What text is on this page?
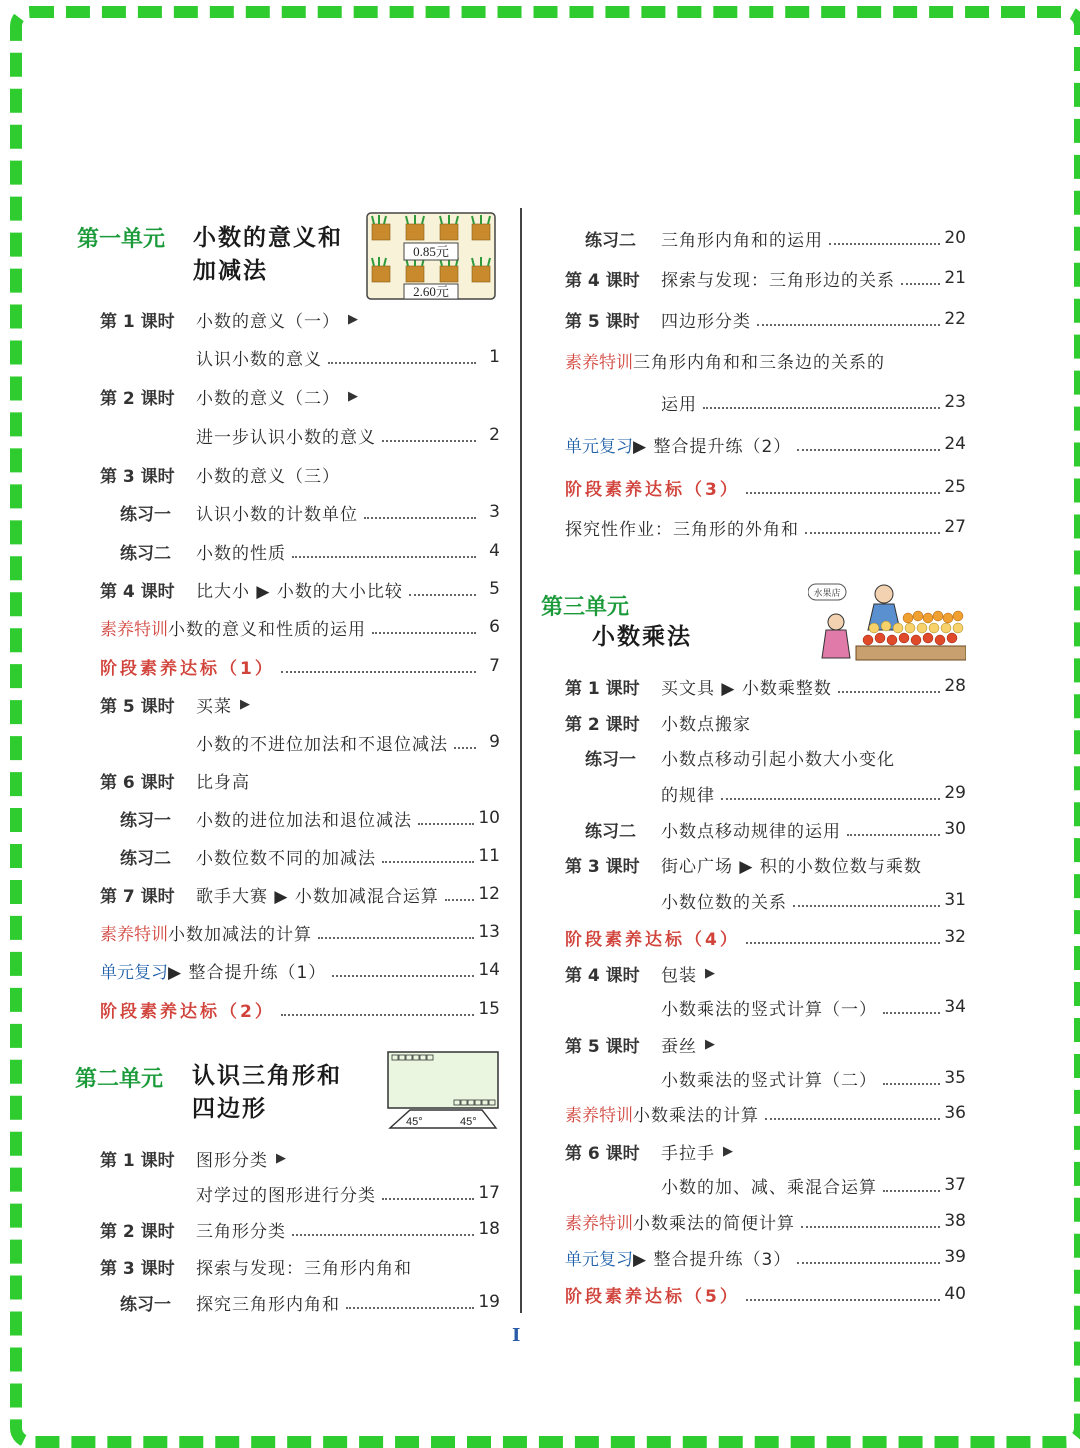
第一单元 小数的意义和
加减法
0.85元
2.60元
第二单元 认识三角形和
四边形	45°	45°
第三单元
小数乘法
水果店
第 1 课时	小数的意义（一） ▶
认识小数的意义	1
第 2 课时	小数的意义（二） ▶
进一步认识小数的意义	2
第 3 课时	小数的意义（三）
练习一	认识小数的计数单位	3
练习二	小数的性质	4
第 4 课时	比大小 ▶ 小数的大小比较	5
素养特训 小数的意义和性质的运用	6
阶段素养达标（1）	7
第 5 课时	买菜 ▶
小数的不进位加法和不退位减法	9
第 6 课时	比身高
练习一	小数的进位加法和退位减法	10
练习二	小数位数不同的加减法	11
第 7 课时	歌手大赛 ▶ 小数加减混合运算 12
素养特训 小数加减法的计算	13
单元复习 ▶ 整合提升练（1）	14
阶段素养达标（2）	15
第 1 课时	图形分类 ▶
对学过的图形进行分类	17
第 2 课时	三角形分类	18
第 3 课时	探索与发现：三角形内角和
练习一	探究三角形内角和	19
练习二	三角形内角和的运用	20
第 4 课时	探索与发现：三角形边的关系	21
第 5 课时	四边形分类	22
素养特训 三角形内角和和三条边的关系的
运用	23
单元复习 ▶ 整合提升练（2）	24
阶段素养达标（3）	25
探究性作业：三角形的外角和	27
第 1 课时	买文具 ▶ 小数乘整数	28
第 2 课时	小数点搬家
练习一	小数点移动引起小数大小变化
的规律	29
练习二	小数点移动规律的运用	30
第 3 课时	街心广场 ▶ 积的小数位数与乘数
小数位数的关系	31
阶段素养达标（4）	32
第 4 课时	包装 ▶
小数乘法的竖式计算（一）	34
第 5 课时	蚕丝 ▶
小数乘法的竖式计算（二）	35
素养特训 小数乘法的计算	36
第 6 课时	手拉手 ▶
小数的加、减、乘混合运算	37
素养特训 小数乘法的简便计算	38
单元复习 ▶ 整合提升练（3）	39
阶段素养达标（5）	40
I
